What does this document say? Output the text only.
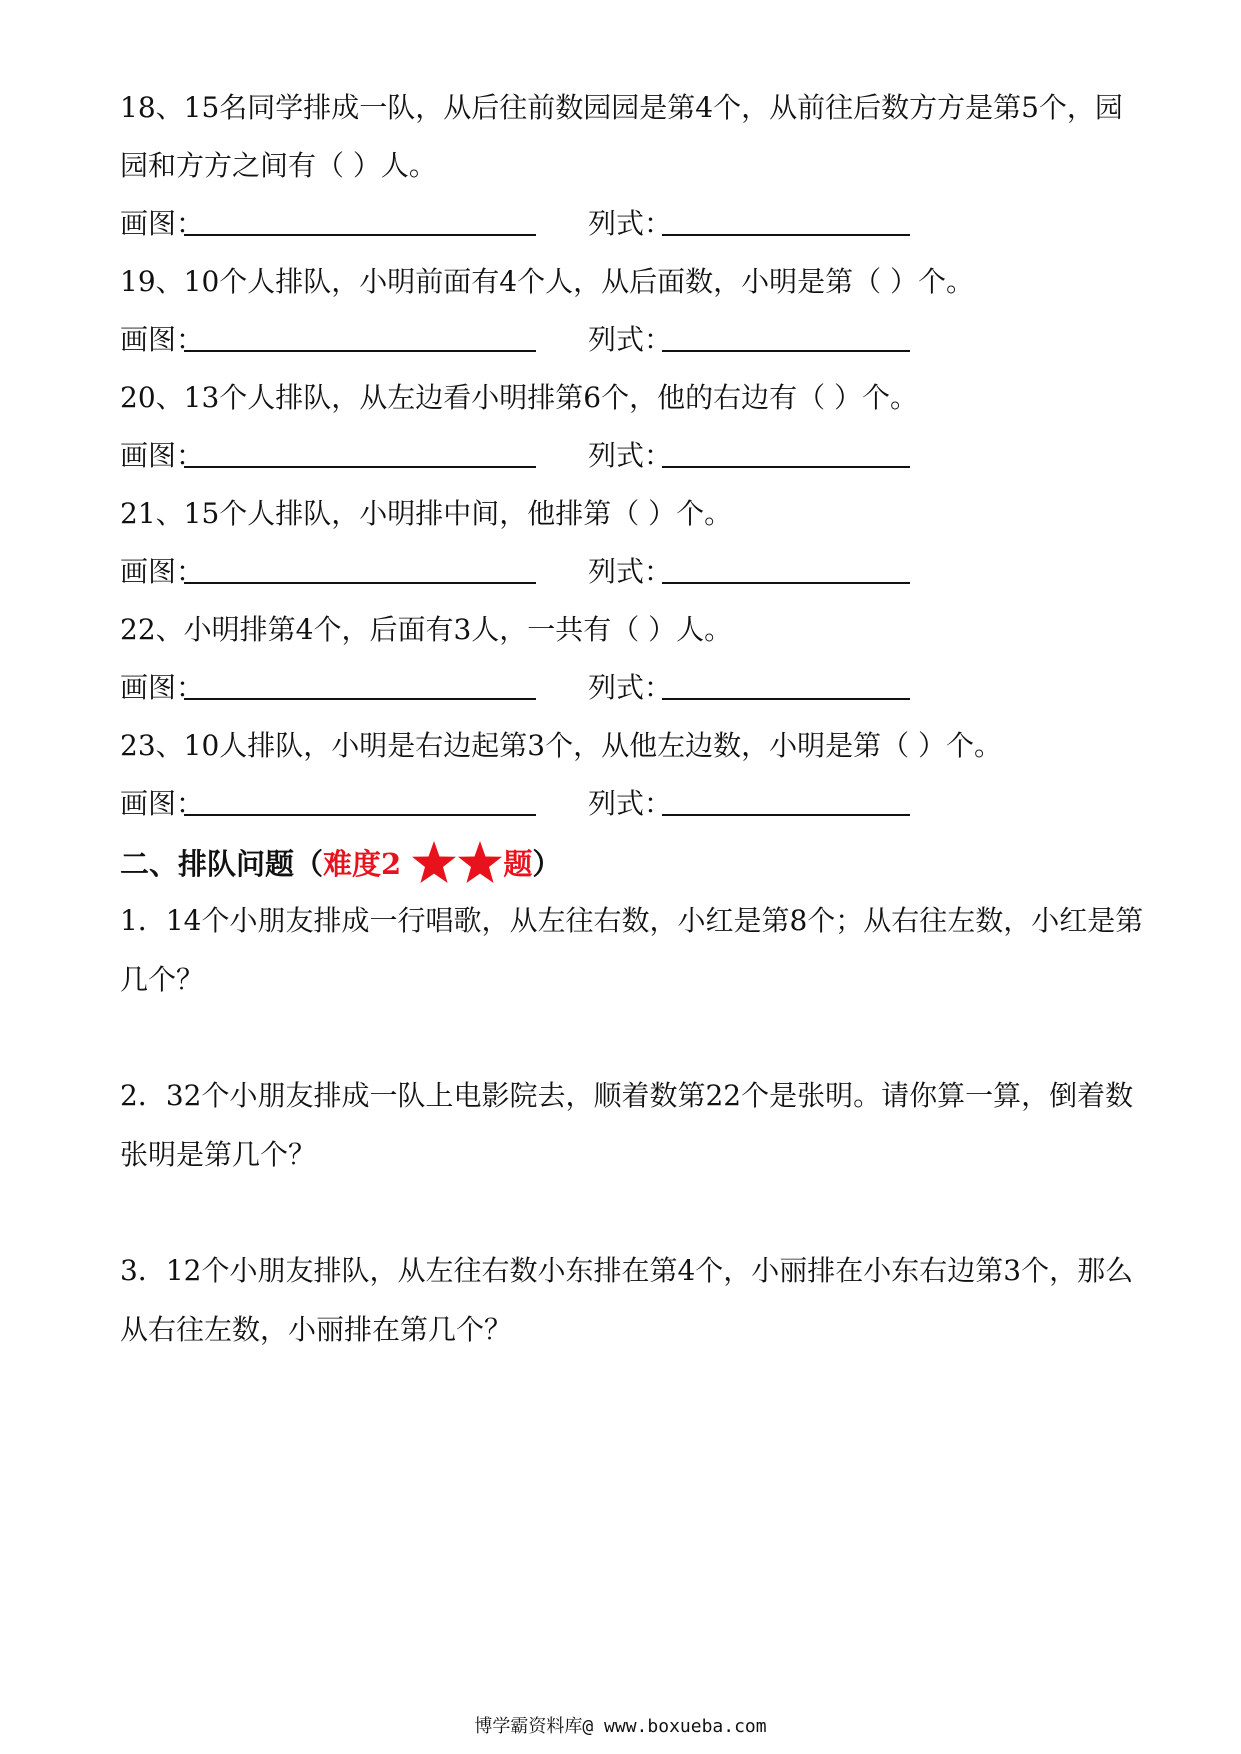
18、15名同学排成一队，从后往前数园园是第4个，从前往后数方方是第5个，园
园和方方之间有（ ）人。
画图：	列式：
19、10个人排队，小明前面有4个人，从后面数，小明是第（ ）个。
画图：	列式：
20、13个人排队，从左边看小明排第6个，他的右边有（ ）个。
画图：	列式：
21、15个人排队，小明排中间，他排第（ ）个。
画图：	列式：
22、小明排第4个，后面有3人，一共有（ ）人。
画图：	列式：
23、10人排队，小明是右边起第3个，从他左边数，小明是第（ ）个。
画图：	列式：
二、排队问题（难度2	题）
1．14个小朋友排成一行唱歌，从左往右数，小红是第8个；从右往左数，小红是第
几个？
2．32个小朋友排成一队上电影院去，顺着数第22个是张明。请你算一算，倒着数
张明是第几个？
3．12个小朋友排队，从左往右数小东排在第4个，小丽排在小东右边第3个，那么
从右往左数，小丽排在第几个？
博学霸资料库@ www.boxueba.com
